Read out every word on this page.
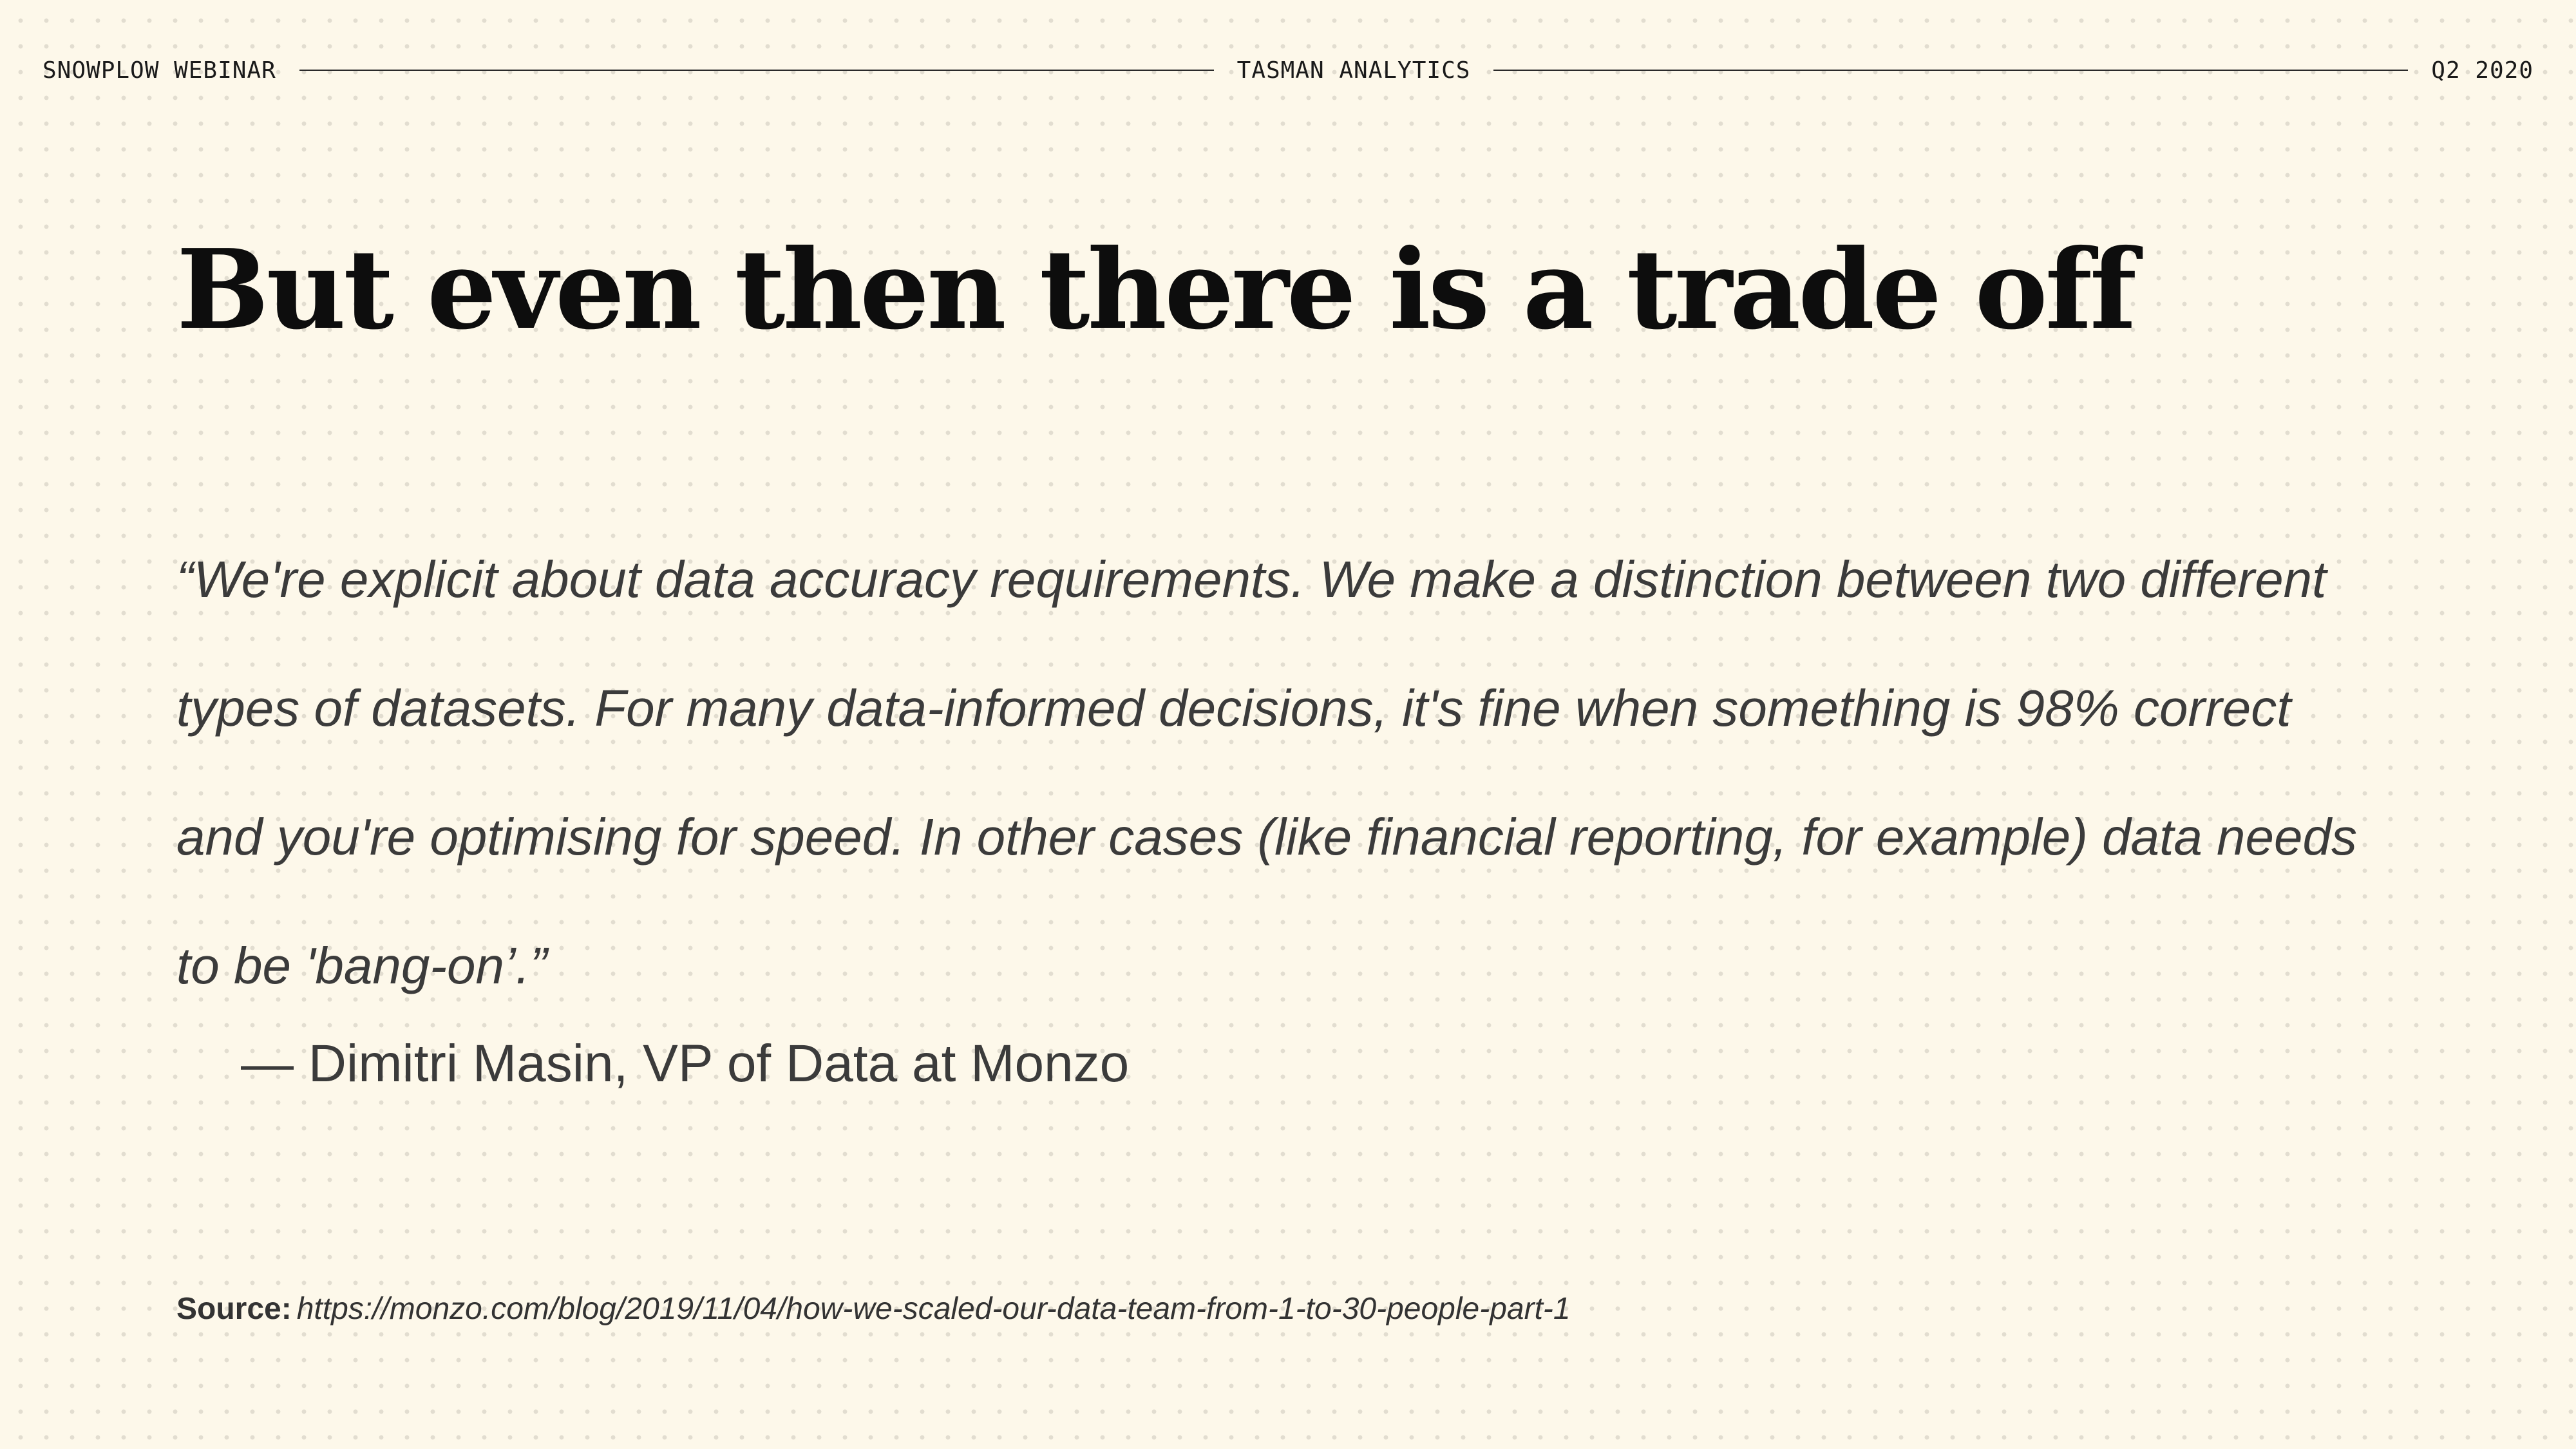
SNOWPLOW WEBINAR	TASMAN ANALYTICS	Q2 2020
But even then there is a trade off

“We're explicit about data accuracy requirements. We make a distinction between two different types of datasets. For many data-informed decisions, it's fine when something is 98% correct and you're optimising for speed. In other cases (like financial reporting, for example) data needs to be 'bang-on’.”

— Dimitri Masin, VP of Data at Monzo
Source: https://monzo.com/blog/2019/11/04/how-we-scaled-our-data-team-from-1-to-30-people-part-1
